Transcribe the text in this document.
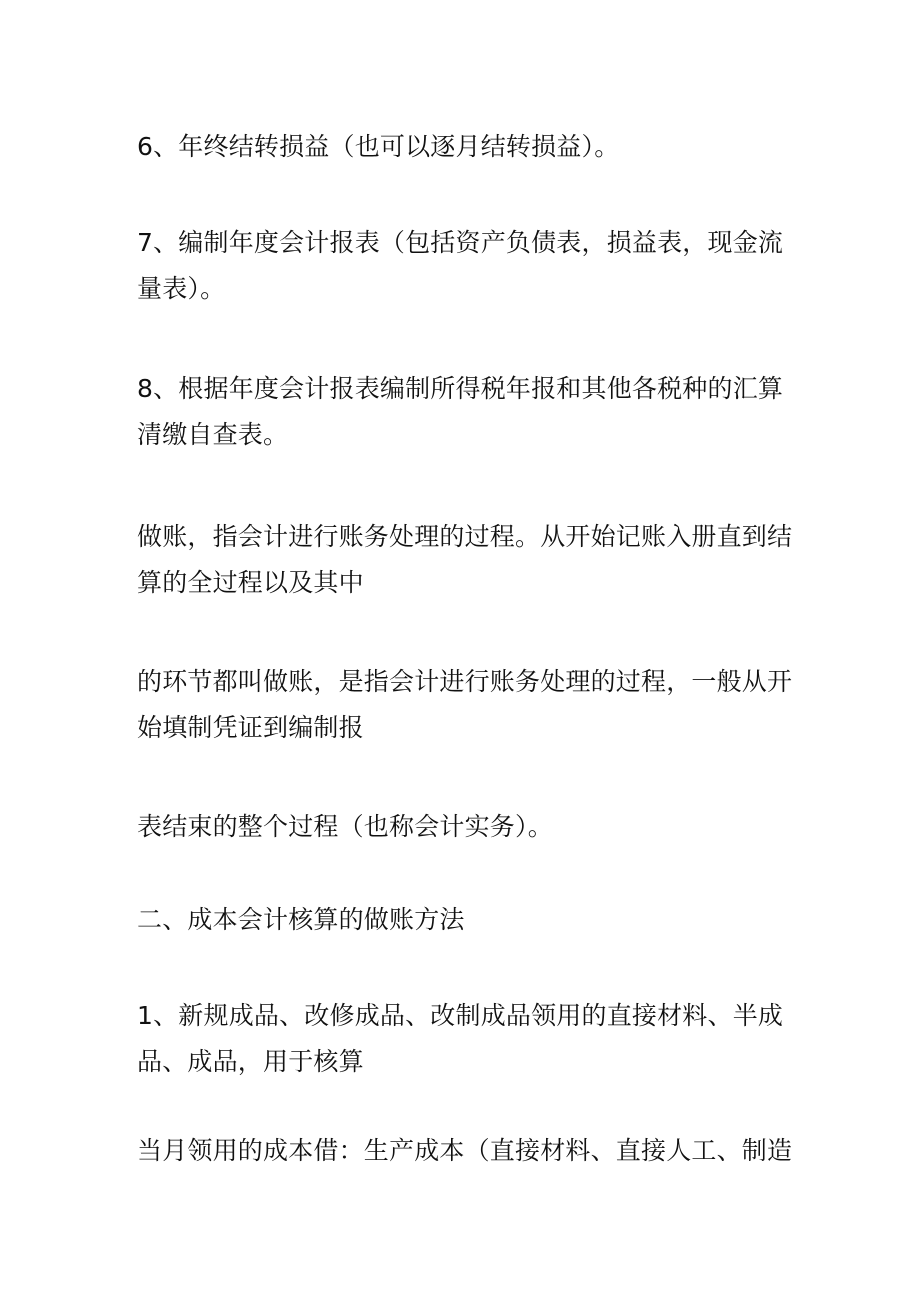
6、年终结转损益（也可以逐月结转损益）。
7、编制年度会计报表（包括资产负债表，损益表，现金流
量表）。
8、根据年度会计报表编制所得税年报和其他各税种的汇算
清缴自查表。
做账，指会计进行账务处理的过程。从开始记账入册直到结
算的全过程以及其中
的环节都叫做账，是指会计进行账务处理的过程，一般从开
始填制凭证到编制报
表结束的整个过程（也称会计实务）。
二、成本会计核算的做账方法
1、新规成品、改修成品、改制成品领用的直接材料、半成
品、成品，用于核算
当月领用的成本借：生产成本（直接材料、直接人工、制造
